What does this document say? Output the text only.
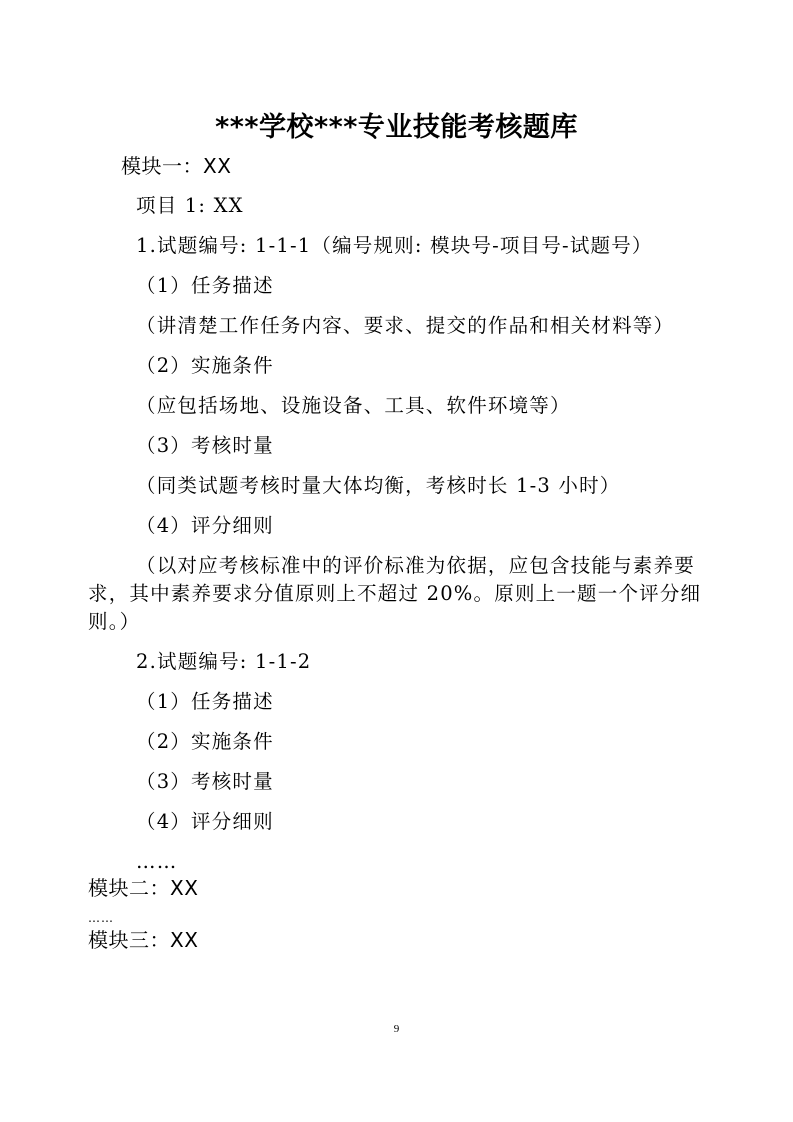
***学校***专业技能考核题库
模块一：XX
项目 1: XX
1.试题编号: 1-1-1（编号规则: 模块号-项目号-试题号）
（1）任务描述
（讲清楚工作任务内容、要求、提交的作品和相关材料等）
（2）实施条件
（应包括场地、设施设备、工具、软件环境等）
（3）考核时量
（同类试题考核时量大体均衡，考核时长 1-3 小时）
（4）评分细则
（以对应考核标准中的评价标准为依据，应包含技能与素养要
求，其中素养要求分值原则上不超过 20%。原则上一题一个评分细
则。）
2.试题编号: 1-1-2
（1）任务描述
（2）实施条件
（3）考核时量
（4）评分细则
……
模块二：XX
……
模块三：XX
9
